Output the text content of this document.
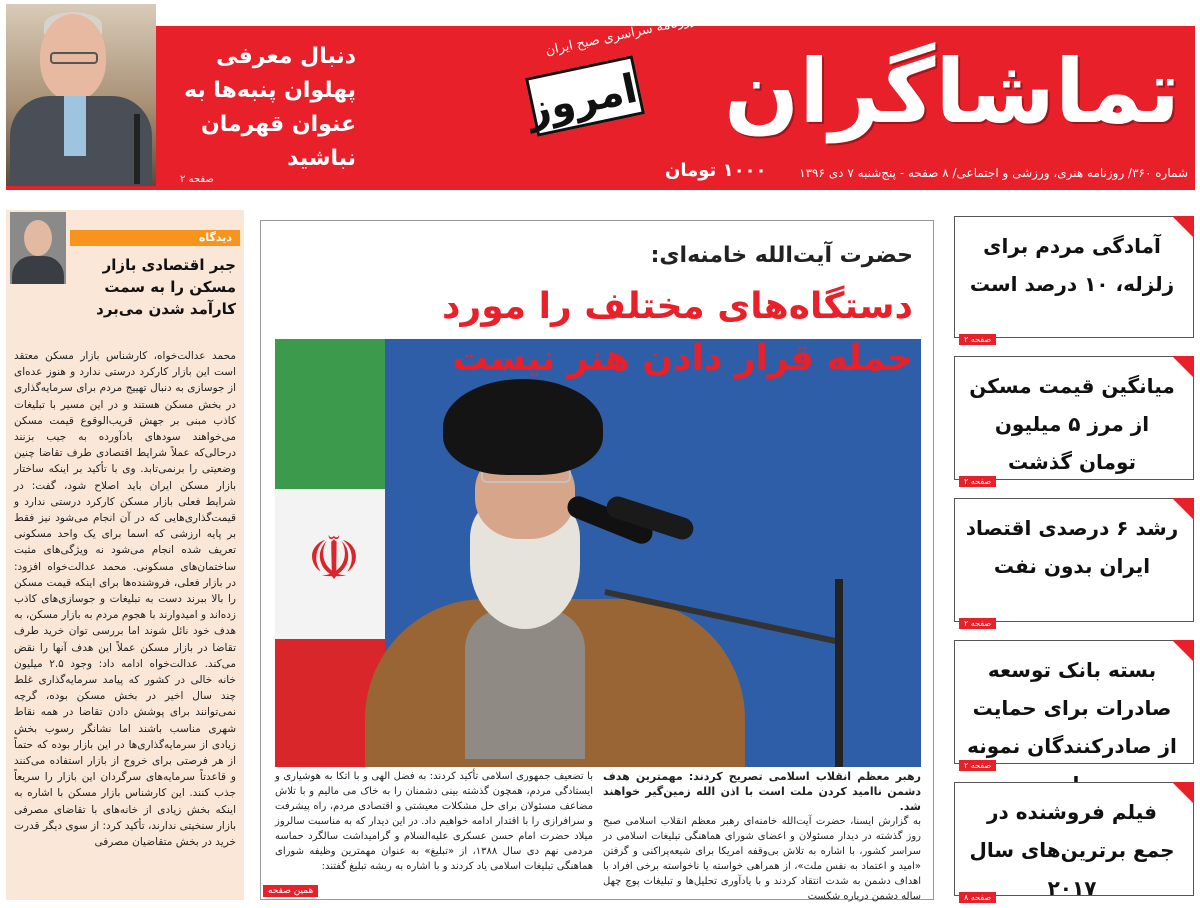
دنبال معرفی پهلوان پنبه‌ها به عنوان قهرمان نباشید
صفحه ۲
روزنامه سراسری صبح ایران
امروز تماشاگران
شماره ۳۶۰/ روزنامه هنری، ورزشی و اجتماعی/ ۸ صفحه - پنج‌شنبه ۷ دی ۱۳۹۶
۱۰۰۰ تومان
دیدگاه
جبر اقتصادی بازار مسکن را به سمت کارآمد شدن می‌برد
محمد عدالت‌خواه، کارشناس بازار مسکن معتقد است این بازار کارکرد درستی ندارد و هنوز عده‌ای از جوسازی به دنبال تهییج مردم برای سرمایه‌گذاری در بخش مسکن هستند و در این مسیر با تبلیغات کاذب مبنی بر جهش قریب‌الوقوع قیمت مسکن می‌خواهند سودهای بادآورده به جیب بزنند درحالی‌که عملاً شرایط اقتصادی طرف تقاضا چنین وضعیتی را برنمی‌تابد. وی با تأکید بر اینکه ساختار بازار مسکن ایران باید اصلاح شود، گفت: در شرایط فعلی بازار مسکن کارکرد درستی ندارد و قیمت‌گذاری‌هایی که در آن انجام می‌شود نیز فقط بر پایه ارزشی که اسما برای یک واحد مسکونی تعریف شده انجام می‌شود نه ویژگی‌های مثبت ساختمان‌های مسکونی. محمد عدالت‌خواه افزود: در بازار فعلی، فروشنده‌ها برای اینکه قیمت مسکن را بالا ببرند دست به تبلیغات و جوسازی‌های کاذب زده‌اند و امیدوارند با هجوم مردم به بازار مسکن، به هدف خود نائل شوند اما بررسی توان خرید طرف تقاضا در بازار مسکن عملاً این هدف آنها را نقض می‌کند. عدالت‌خواه ادامه داد: وجود ۲.۵ میلیون خانه خالی در کشور که پیامد سرمایه‌گذاری غلط چند سال اخیر در بخش مسکن بوده، گرچه نمی‌توانند برای پوشش دادن تقاضا در همه نقاط شهری مناسب باشند اما نشانگر رسوب بخش زیادی از سرمایه‌گذاری‌ها در این بازار بوده که حتماً از هر فرصتی برای خروج از بازار استفاده می‌کنند و قاعدتاً سرمایه‌های سرگردان این بازار را سریعاً جذب کنند. این کارشناس بازار مسکن با اشاره به اینکه بخش زیادی از خانه‌های با تقاضای مصرفی بازار سنخیتی ندارند، تأکید کرد: از سوی دیگر قدرت خرید در بخش متقاضیان مصرفی
حضرت آیت‌الله خامنه‌ای:
دستگاه‌های مختلف را مورد حمله قرار دادن هنر نیست
☫
رهبر معظم انقلاب اسلامی تصریح کردند: مهمترین هدف دشمن ناامید کردن ملت است با اذن الله زمین‌گیر خواهند شد.
به گزارش ایسنا، حضرت آیت‌الله خامنه‌ای رهبر معظم انقلاب اسلامی صبح روز گذشته در دیدار مسئولان و اعضای شورای هماهنگی تبلیغات اسلامی در سراسر کشور، با اشاره به تلاش بی‌وقفه امریکا برای شیعه‌پراکنی و گرفتن «امید و اعتماد به نفس ملت»، از همراهی خواسته یا ناخواسته برخی افراد با اهداف دشمن به شدت انتقاد کردند و با یادآوری تحلیل‌ها و تبلیغات پوچ چهل ساله دشمن درباره شکست
با تضعیف جمهوری اسلامی تأکید کردند: به فضل الهی و با اتکا به هوشیاری و ایستادگی مردم، همچون گذشته بینی دشمنان را به خاک می مالیم و با تلاش مضاعف مسئولان برای حل مشکلات معیشتی و اقتصادی مردم، راه پیشرفت و سرافرازی را با اقتدار ادامه خواهیم داد. در این دیدار که به مناسبت سالروز میلاد حضرت امام حسن عسکری علیه‌السلام و گرامیداشت سالگرد حماسه مردمی نهم دی سال ۱۳۸۸، از «تبلیغ» به عنوان مهمترین وظیفه شورای هماهنگی تبلیغات اسلامی یاد کردند و با اشاره به ریشه تبلیغ گفتند:
همین صفحه
آمادگی مردم برای زلزله، ۱۰ درصد است
صفحه ۲
میانگین قیمت مسکن از مرز ۵ میلیون تومان گذشت
صفحه ۲
رشد ۶ درصدی اقتصاد ایران بدون نفت
صفحه ۲
بسته بانک توسعه صادرات برای حمایت از صادرکنندگان نمونه
صفحه ۲
فیلم فروشنده در جمع برترین‌های سال ۲۰۱۷
صفحه ۸
